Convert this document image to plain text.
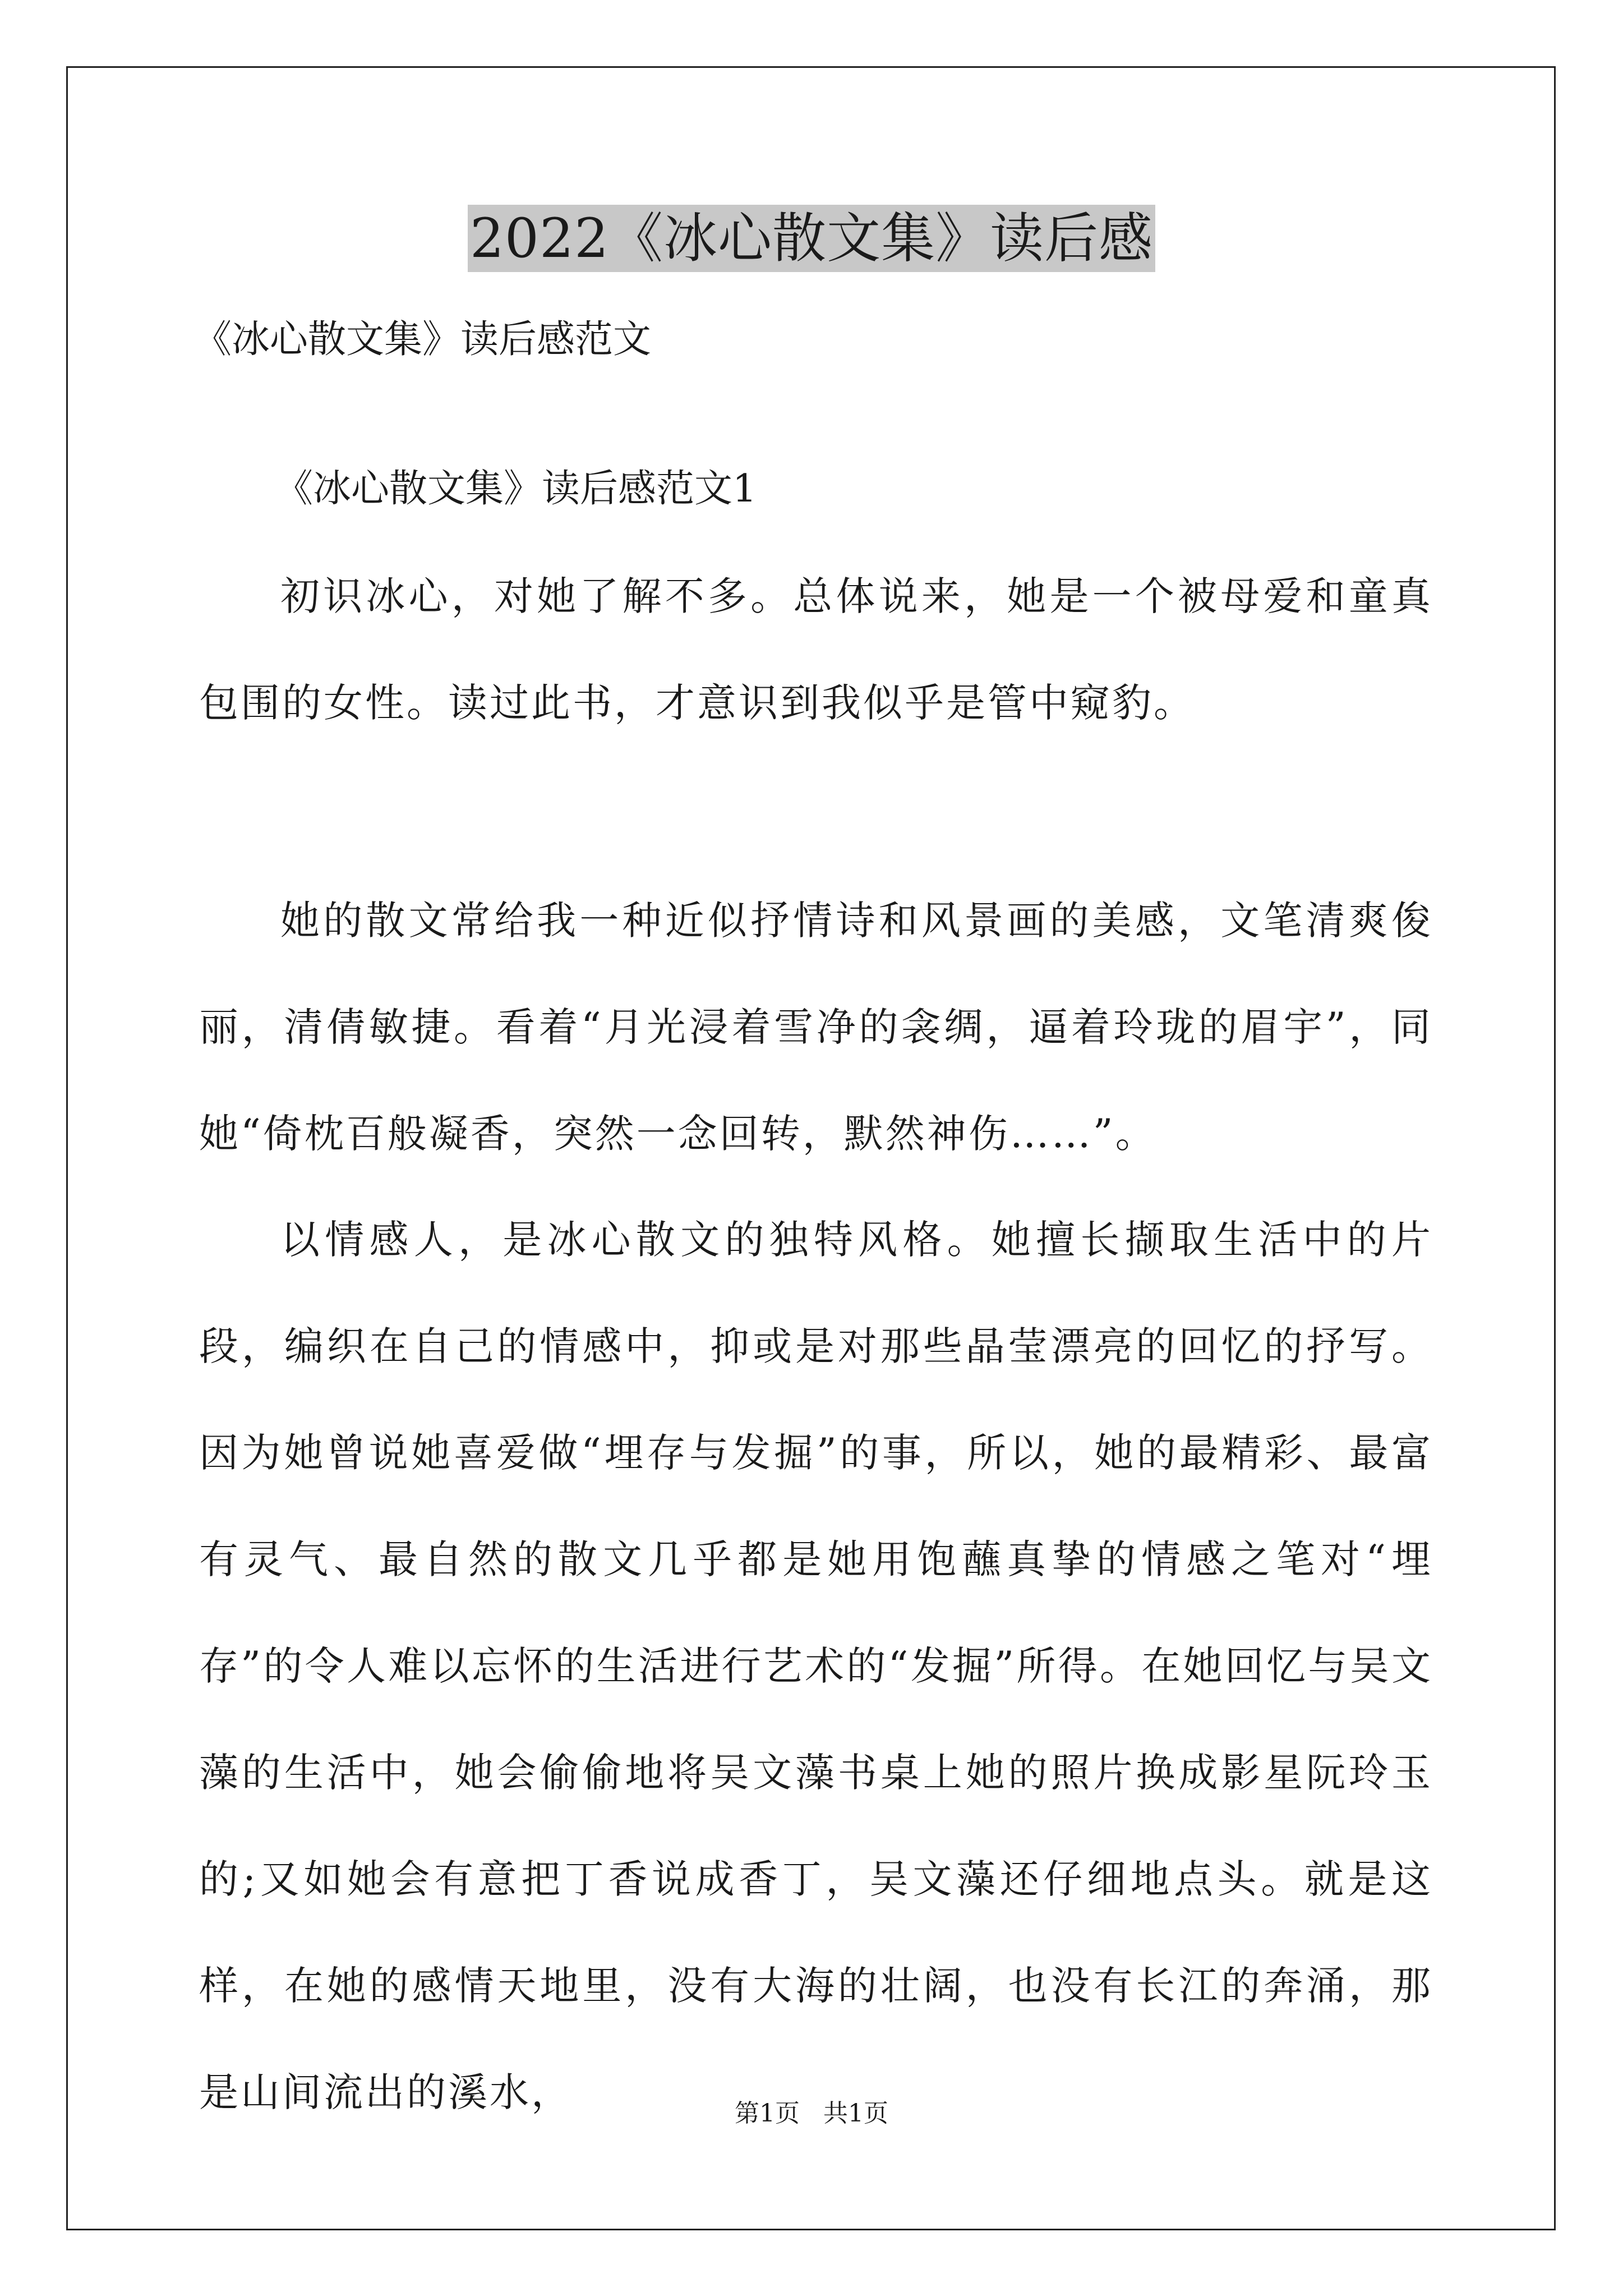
2022《冰心散文集》读后感
《冰心散文集》读后感范文
《冰心散文集》读后感范文1

初识冰心，对她了解不多。总体说来，她是一个被母爱和童真包围的女性。读过此书，才意识到我似乎是管中窥豹。

她的散文常给我一种近似抒情诗和风景画的美感，文笔清爽俊丽，清倩敏捷。看着“月光浸着雪净的衾绸，逼着玲珑的眉宇”，同她“倚枕百般凝香，突然一念回转，默然神伤……”。

以情感人，是冰心散文的独特风格。她擅长撷取生活中的片段，编织在自己的情感中，抑或是对那些晶莹漂亮的回忆的抒写。因为她曾说她喜爱做“埋存与发掘”的事，所以，她的最精彩、最富有灵气、最自然的散文几乎都是她用饱蘸真挚的情感之笔对“埋存”的令人难以忘怀的生活进行艺术的“发掘”所得。在她回忆与吴文藻的生活中，她会偷偷地将吴文藻书桌上她的照片换成影星阮玲玉的;又如她会有意把丁香说成香丁，吴文藻还仔细地点头。就是这样，在她的感情天地里，没有大海的壮阔，也没有长江的奔涌，那是山间流出的溪水，	第1页   共1页
